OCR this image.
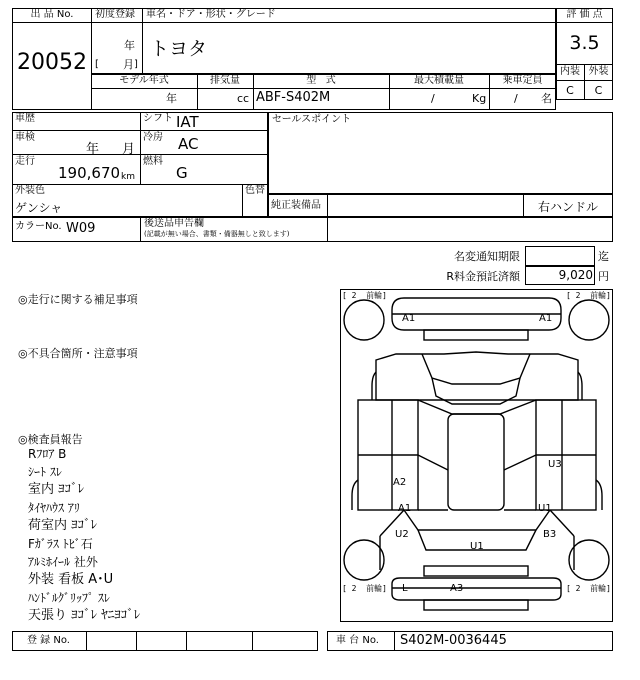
出 品 No.
20052
初度登録 車名・ドア・形状・グレード
年
[ 月 ]
トヨタ
評 価 点
3.5
内装 外装
C	C
モデル年式	排気量	型   式	最大積載量	乗車定員
年	cc ABF-S402M	/	Kg	/ 名
車歴	シフト IAT
車検
年 月
冷房 AC
走行
190,670 km
燃料
G
外装色
ゲンシャ
色替
セールスポイント
純正装備品	右ハンドル
カラーNo. W09	後送品申告欄
(記載が無い場合、書類・備器無しと致します)
名変通知期限	迄
R料金預託済額	9,020 円
◎走行に関する補足事項
◎不具合箇所・注意事項
◎検査員報告
Rﾌﾛｱ B
ｼｰﾄ ｽﾚ
室内 ﾖｺﾞﾚ
ﾀｲﾔﾊｳｽ ｱﾘ
荷室内 ﾖｺﾞﾚ
Fｶﾞﾗｽ ﾄﾋﾞ石
ｱﾙﾐﾎｲｰﾙ 社外
外装 看板 A･U
ﾊﾝﾄﾞﾙｸﾞﾘｯﾌﾟ ｽﾚ
天張り ﾖｺﾞﾚ ﾔﾆﾖｺﾞﾚ
[ 2  前輪]	[ 2  前輪]
[ 2  前輪]	[ 2  前輪]
A1	A1
U3
A2
A1	U1
U2	B3
U1
L	A3
登 録 No.	車 台 No. S402M-0036445
